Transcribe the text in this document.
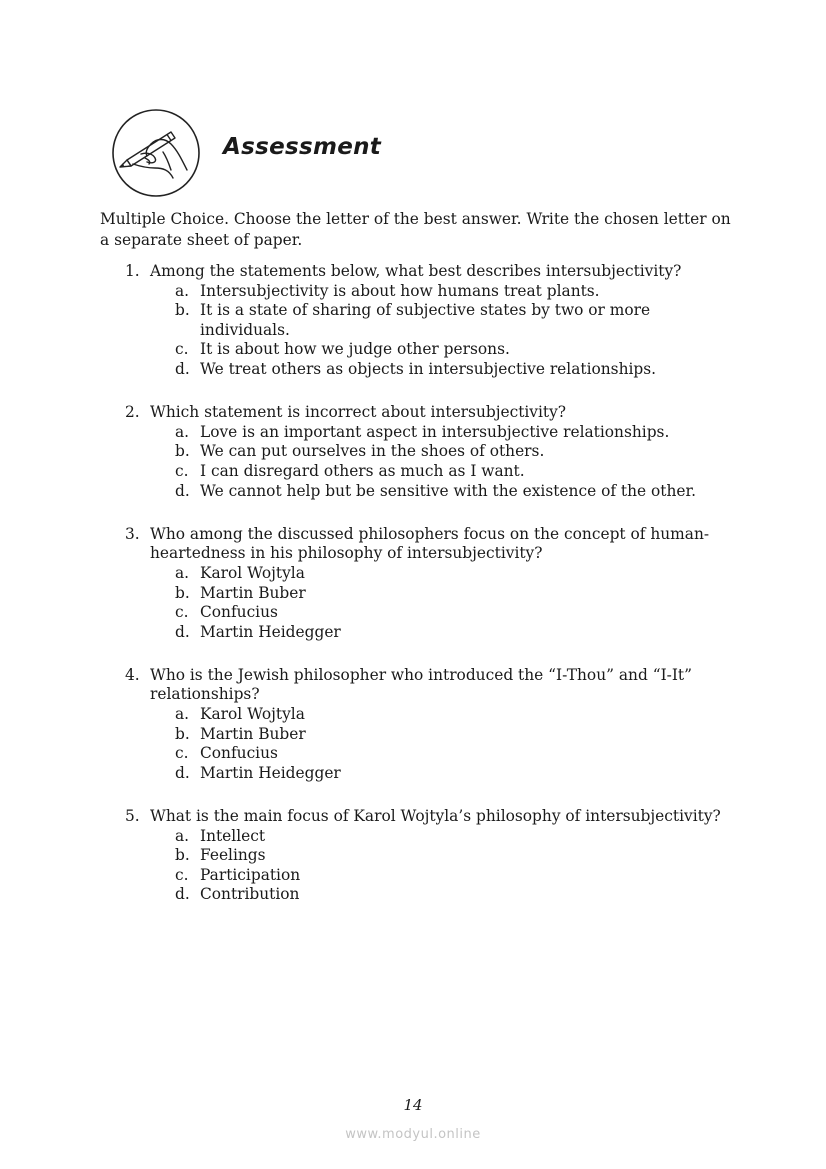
Assessment

Multiple Choice. Choose the letter of the best answer. Write the chosen letter on a separate sheet of paper.

1. Among the statements below, what best describes intersubjectivity?
a. Intersubjectivity is about how humans treat plants.
b. It is a state of sharing of subjective states by two or more individuals.
c. It is about how we judge other persons.
d. We treat others as objects in intersubjective relationships.
2. Which statement is incorrect about intersubjectivity?
a. Love is an important aspect in intersubjective relationships.
b. We can put ourselves in the shoes of others.
c. I can disregard others as much as I want.
d. We cannot help but be sensitive with the existence of the other.
3. Who among the discussed philosophers focus on the concept of human-heartedness in his philosophy of intersubjectivity?
a. Karol Wojtyla
b. Martin Buber
c. Confucius
d. Martin Heidegger
4. Who is the Jewish philosopher who introduced the “I-Thou” and “I-It” relationships?
a. Karol Wojtyla
b. Martin Buber
c. Confucius
d. Martin Heidegger
5. What is the main focus of Karol Wojtyla’s philosophy of intersubjectivity?
a. Intellect
b. Feelings
c. Participation
d. Contribution
14
www.modyul.online
